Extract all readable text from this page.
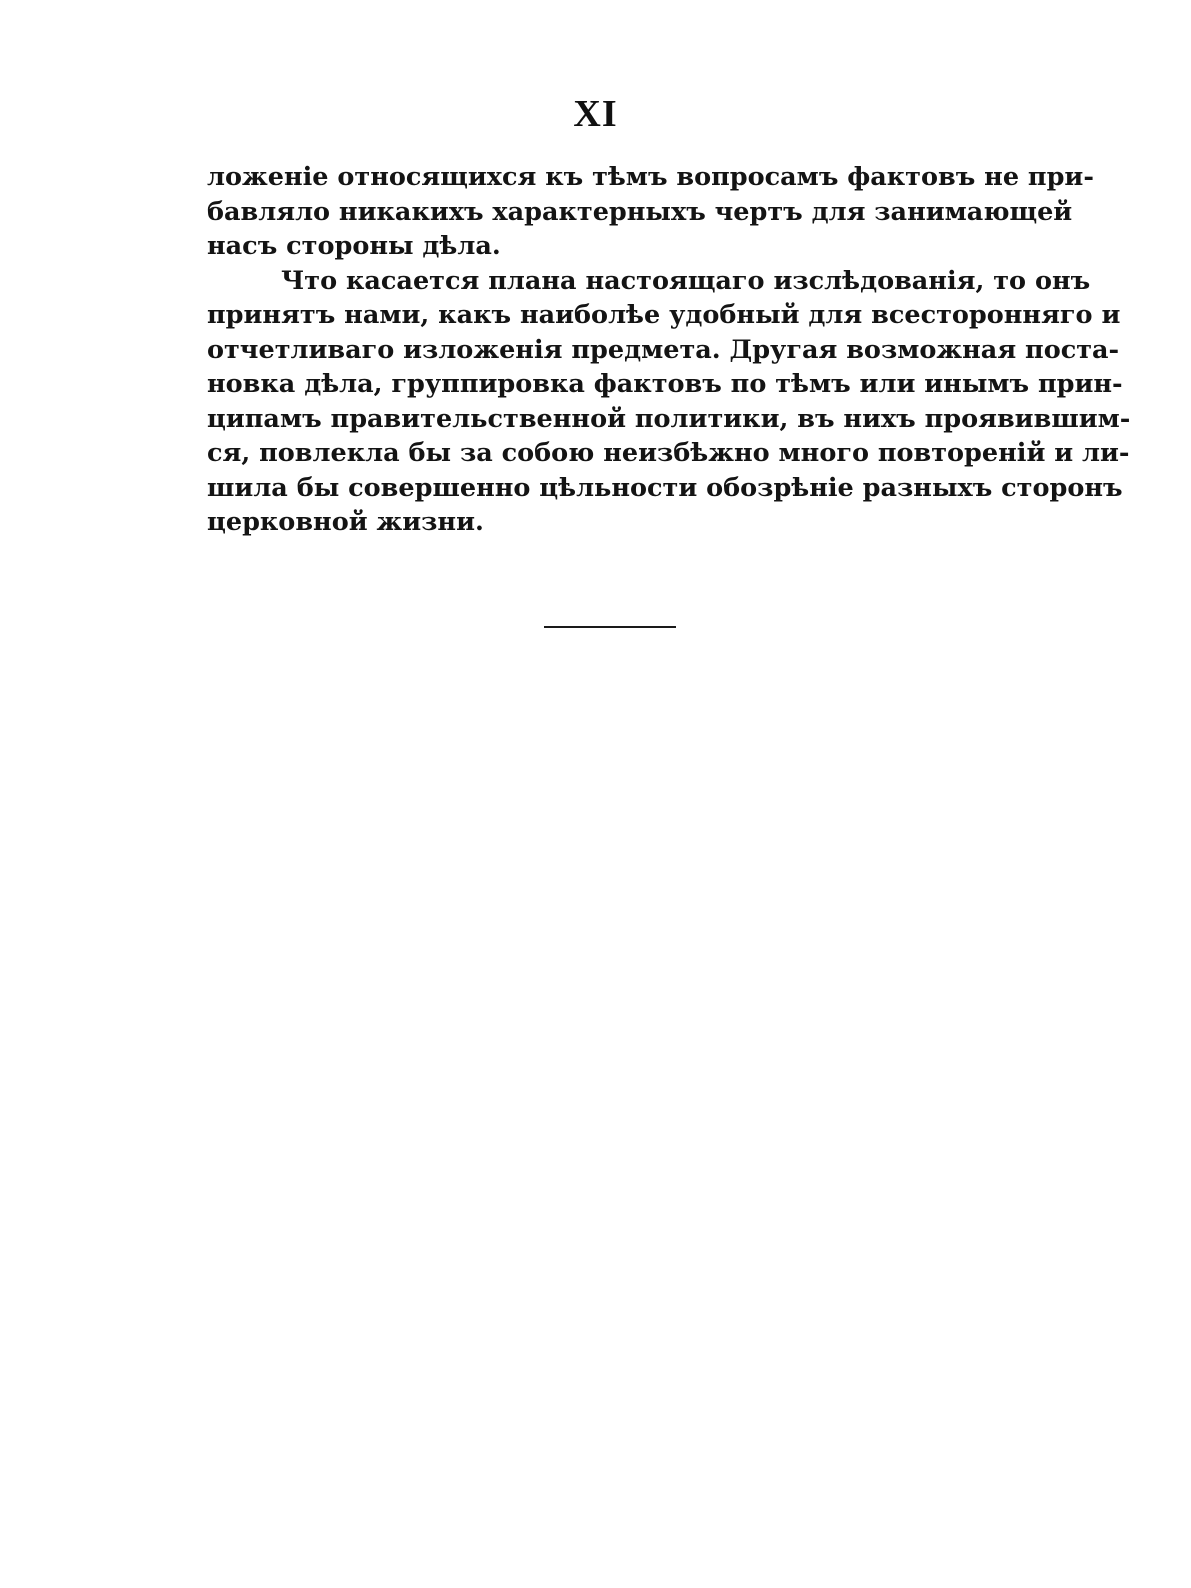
XI
ложеніе относящихся къ тѣмъ вопросамъ фактовъ не при-
бавляло никакихъ характерныхъ чертъ для занимающей
насъ стороны дѣла.
Что касается плана настоящаго изслѣдованія, то онъ
принятъ нами, какъ наиболѣе удобный для всесторонняго и
отчетливаго изложенія предмета. Другая возможная поста-
новка дѣла, группировка фактовъ по тѣмъ или инымъ прин-
ципамъ правительственной политики, въ нихъ проявившим-
ся, повлекла бы за собою неизбѣжно много повтореній и ли-
шила бы совершенно цѣльности обозрѣніе разныхъ сторонъ
церковной жизни.
